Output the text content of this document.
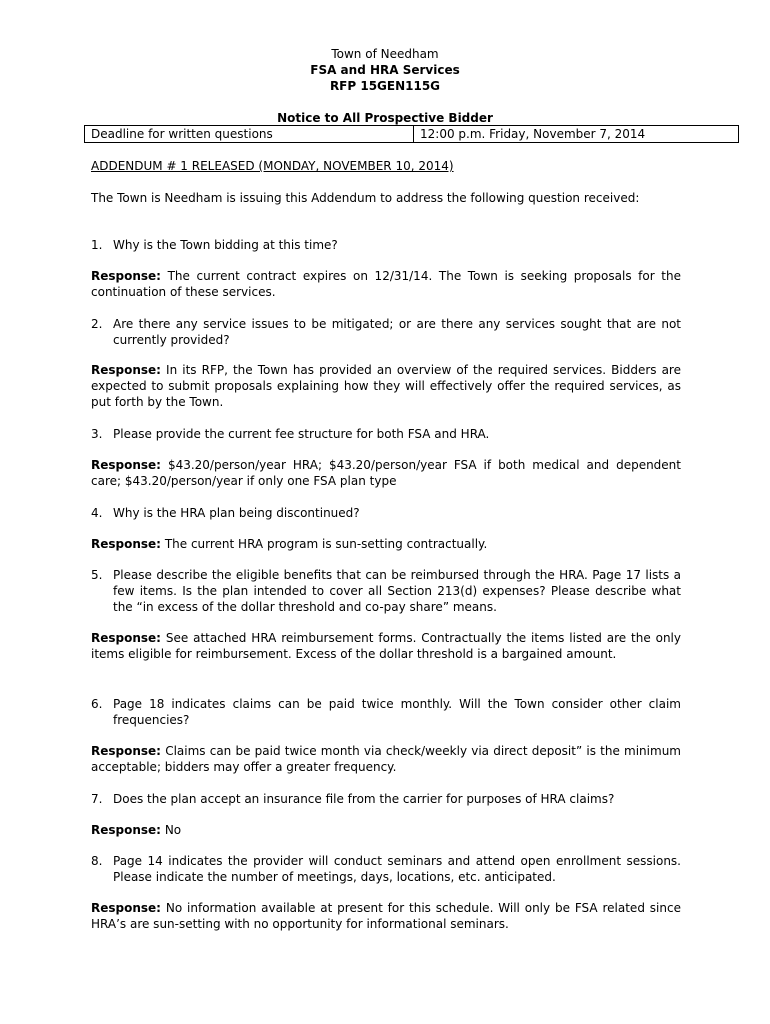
Town of Needham
FSA and HRA Services
RFP 15GEN115G
Notice to All Prospective Bidder
Deadline for written questions	12:00 p.m. Friday, November 7, 2014
ADDENDUM # 1 RELEASED (MONDAY, NOVEMBER 10, 2014)
The Town is Needham is issuing this Addendum to address the following question received:
1. Why is the Town bidding at this time?
Response: The current contract expires on 12/31/14. The Town is seeking proposals for the continuation of these services.
2. Are there any service issues to be mitigated; or are there any services sought that are not currently provided?
Response: In its RFP, the Town has provided an overview of the required services. Bidders are expected to submit proposals explaining how they will effectively offer the required services, as put forth by the Town.
3. Please provide the current fee structure for both FSA and HRA.
Response: $43.20/person/year HRA; $43.20/person/year FSA if both medical and dependent care; $43.20/person/year if only one FSA plan type
4. Why is the HRA plan being discontinued?
Response: The current HRA program is sun-setting contractually.
5. Please describe the eligible benefits that can be reimbursed through the HRA. Page 17 lists a few items. Is the plan intended to cover all Section 213(d) expenses? Please describe what the “in excess of the dollar threshold and co-pay share” means.
Response: See attached HRA reimbursement forms. Contractually the items listed are the only items eligible for reimbursement. Excess of the dollar threshold is a bargained amount.
6. Page 18 indicates claims can be paid twice monthly. Will the Town consider other claim frequencies?
Response: Claims can be paid twice month via check/weekly via direct deposit” is the minimum acceptable; bidders may offer a greater frequency.
7. Does the plan accept an insurance file from the carrier for purposes of HRA claims?
Response: No
8. Page 14 indicates the provider will conduct seminars and attend open enrollment sessions. Please indicate the number of meetings, days, locations, etc. anticipated.
Response: No information available at present for this schedule. Will only be FSA related since HRA’s are sun-setting with no opportunity for informational seminars.
